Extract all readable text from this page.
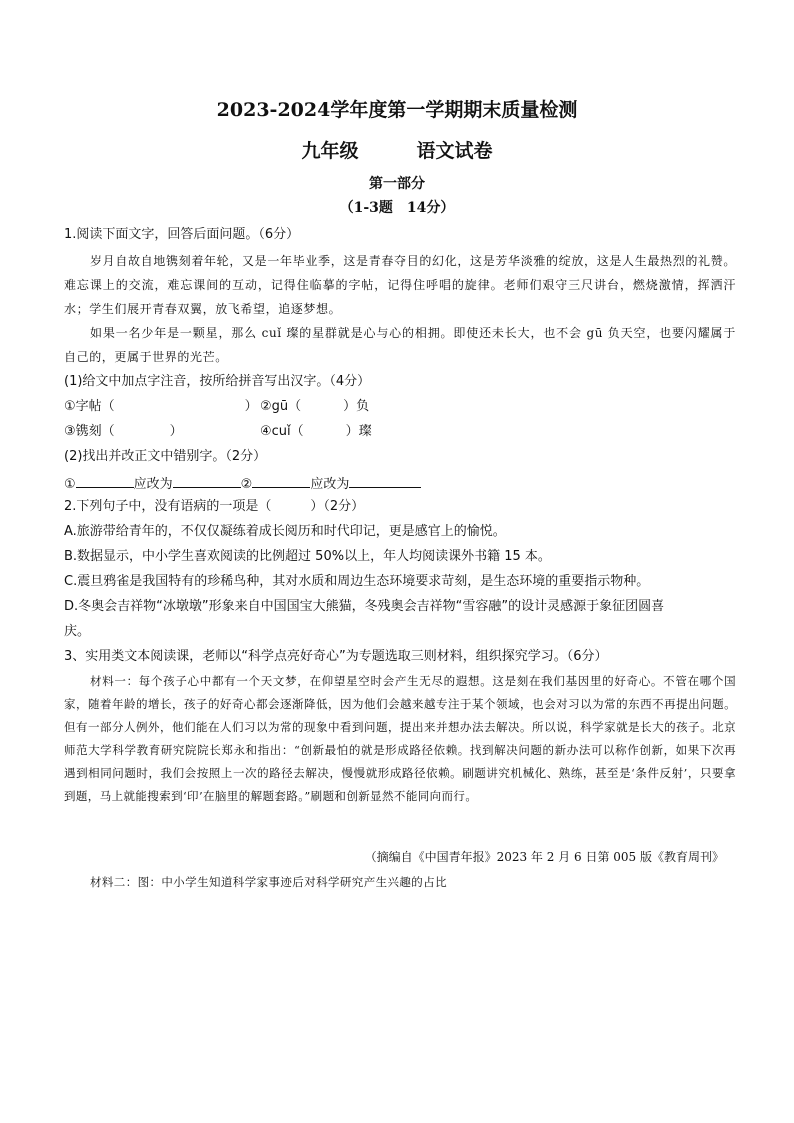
2023-2024学年度第一学期期末质量检测
九年级	语文试卷
第一部分
（1-3题　14分）
1.阅读下面文字，回答后面问题。（6分）
岁月自故自地镌刻着年轮，又是一年毕业季，这是青春夺目的幻化，这是芳华淡雅的绽放，这是人生最热烈的礼赞。难忘课上的交流，难忘课间的互动，记得住临摹的字帖，记得住呼唱的旋律。老师们艰守三尺讲台，燃烧激情，挥洒汗水；学生们展开青春双翼，放飞希望，追逐梦想。
如果一名少年是一颗星，那么 cuǐ 璨的星群就是心与心的相拥。即使还未长大，也不会 gū 负天空，也要闪耀属于自己的，更属于世界的光芒。
(1)给文中加点字注音，按所给拼音写出汉字。（4分）
①字帖（	） ②gū（	）负
③镌刻（	）	④cuǐ（	）璨
(2)找出并改正文中错别字。（2分）
①	应改为	②	应改为
2.下列句子中，没有语病的一项是（　　　）（2分）
A.旅游带给青年的，不仅仅凝练着成长阅历和时代印记，更是感官上的愉悦。
B.数据显示，中小学生喜欢阅读的比例超过 50%以上，年人均阅读课外书籍 15 本。
C.震旦鸦雀是我国特有的珍稀鸟种，其对水质和周边生态环境要求苛刻，是生态环境的重要指示物种。
D.冬奥会吉祥物“冰墩墩”形象来自中国国宝大熊猫，冬残奥会吉祥物“雪容融”的设计灵感源于象征团圆喜
庆。
3、实用类文本阅读课，老师以“科学点亮好奇心”为专题选取三则材料，组织探究学习。（6分）
材料一：每个孩子心中都有一个天文梦，在仰望星空时会产生无尽的遐想。这是刻在我们基因里的好奇心。不管在哪个国家，随着年龄的增长，孩子的好奇心都会逐渐降低，因为他们会越来越专注于某个领域，也会对习以为常的东西不再提出问题。但有一部分人例外，他们能在人们习以为常的现象中看到问题，提出来并想办法去解决。所以说，科学家就是长大的孩子。北京师范大学科学教育研究院院长郑永和指出：“创新最怕的就是形成路径依赖。找到解决问题的新办法可以称作创新，如果下次再遇到相同问题时，我们会按照上一次的路径去解决，慢慢就形成路径依赖。刷题讲究机械化、熟练，甚至是‘条件反射’，只要拿到题，马上就能搜索到‘印’在脑里的解题套路。”刷题和创新显然不能同向而行。
（摘编自《中国青年报》2023 年 2 月 6 日第 005 版《教育周刊》
材料二：图：中小学生知道科学家事迹后对科学研究产生兴趣的占比
